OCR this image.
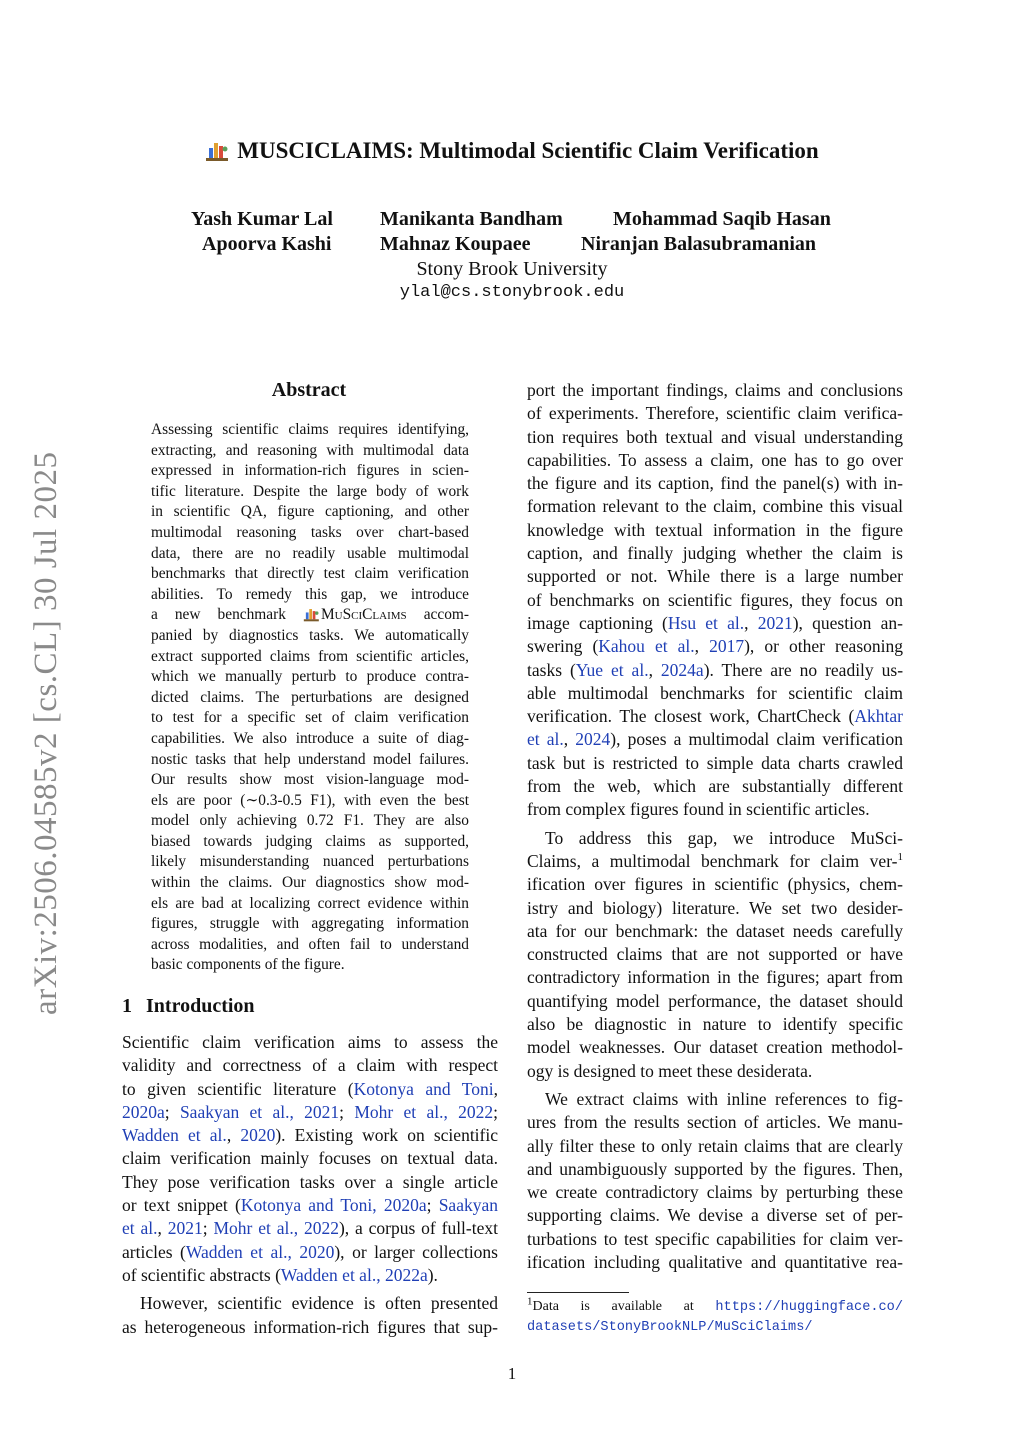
arXiv:2506.04585v2 [cs.CL] 30 Jul 2025
MUSCICLAIMS: Multimodal Scientific Claim Verification
Yash Kumar Lal Manikanta Bandham	Mohammad Saqib Hasan
Apoorva Kashi Mahnaz Koupaee	Niranjan Balasubramanian
Stony Brook University
ylal@cs.stonybrook.edu
Abstract
Assessing scientific claims requires identifying,
extracting, and reasoning with multimodal data
expressed in information-rich figures in scien-
tific literature. Despite the large body of work
in scientific QA, figure captioning, and other
multimodal reasoning tasks over chart-based
data, there are no readily usable multimodal
benchmarks that directly test claim verification
abilities. To remedy this gap, we introduce
a new benchmark MuSciClaims accom-
panied by diagnostics tasks. We automatically
extract supported claims from scientific articles,
which we manually perturb to produce contra-
dicted claims. The perturbations are designed
to test for a specific set of claim verification
capabilities. We also introduce a suite of diag-
nostic tasks that help understand model failures.
Our results show most vision-language mod-
els are poor (∼0.3-0.5 F1), with even the best
model only achieving 0.72 F1. They are also
biased towards judging claims as supported,
likely misunderstanding nuanced perturbations
within the claims. Our diagnostics show mod-
els are bad at localizing correct evidence within
figures, struggle with aggregating information
across modalities, and often fail to understand
basic components of the figure.
1 Introduction
Scientific claim verification aims to assess the
validity and correctness of a claim with respect
to given scientific literature (Kotonya and Toni,
2020a; Saakyan et al., 2021; Mohr et al., 2022;
Wadden et al., 2020). Existing work on scientific
claim verification mainly focuses on textual data.
They pose verification tasks over a single article
or text snippet (Kotonya and Toni, 2020a; Saakyan
et al., 2021; Mohr et al., 2022), a corpus of full-text
articles (Wadden et al., 2020), or larger collections
of scientific abstracts (Wadden et al., 2022a).
However, scientific evidence is often presented
as heterogeneous information-rich figures that sup-
port the important findings, claims and conclusions
of experiments. Therefore, scientific claim verifica-
tion requires both textual and visual understanding
capabilities. To assess a claim, one has to go over
the figure and its caption, find the panel(s) with in-
formation relevant to the claim, combine this visual
knowledge with textual information in the figure
caption, and finally judging whether the claim is
supported or not. While there is a large number
of benchmarks on scientific figures, they focus on
image captioning (Hsu et al., 2021), question an-
swering (Kahou et al., 2017), or other reasoning
tasks (Yue et al., 2024a). There are no readily us-
able multimodal benchmarks for scientific claim
verification. The closest work, ChartCheck (Akhtar
et al., 2024), poses a multimodal claim verification
task but is restricted to simple data charts crawled
from the web, which are substantially different
from complex figures found in scientific articles.
To address this gap, we introduce MuSci-
Claims, a multimodal benchmark for claim ver-$^1$
ification over figures in scientific (physics, chem-
istry and biology) literature. We set two desider-
ata for our benchmark: the dataset needs carefully
constructed claims that are not supported or have
contradictory information in the figures; apart from
quantifying model performance, the dataset should
also be diagnostic in nature to identify specific
model weaknesses. Our dataset creation methodol-
ogy is designed to meet these desiderata.
We extract claims with inline references to fig-
ures from the results section of articles. We manu-
ally filter these to only retain claims that are clearly
and unambiguously supported by the figures. Then,
we create contradictory claims by perturbing these
supporting claims. We devise a diverse set of per-
turbations to test specific capabilities for claim ver-
ification including qualitative and quantitative rea-
$^1$Data is available at https://huggingface.co/
datasets/StonyBrookNLP/MuSciClaims/
1
